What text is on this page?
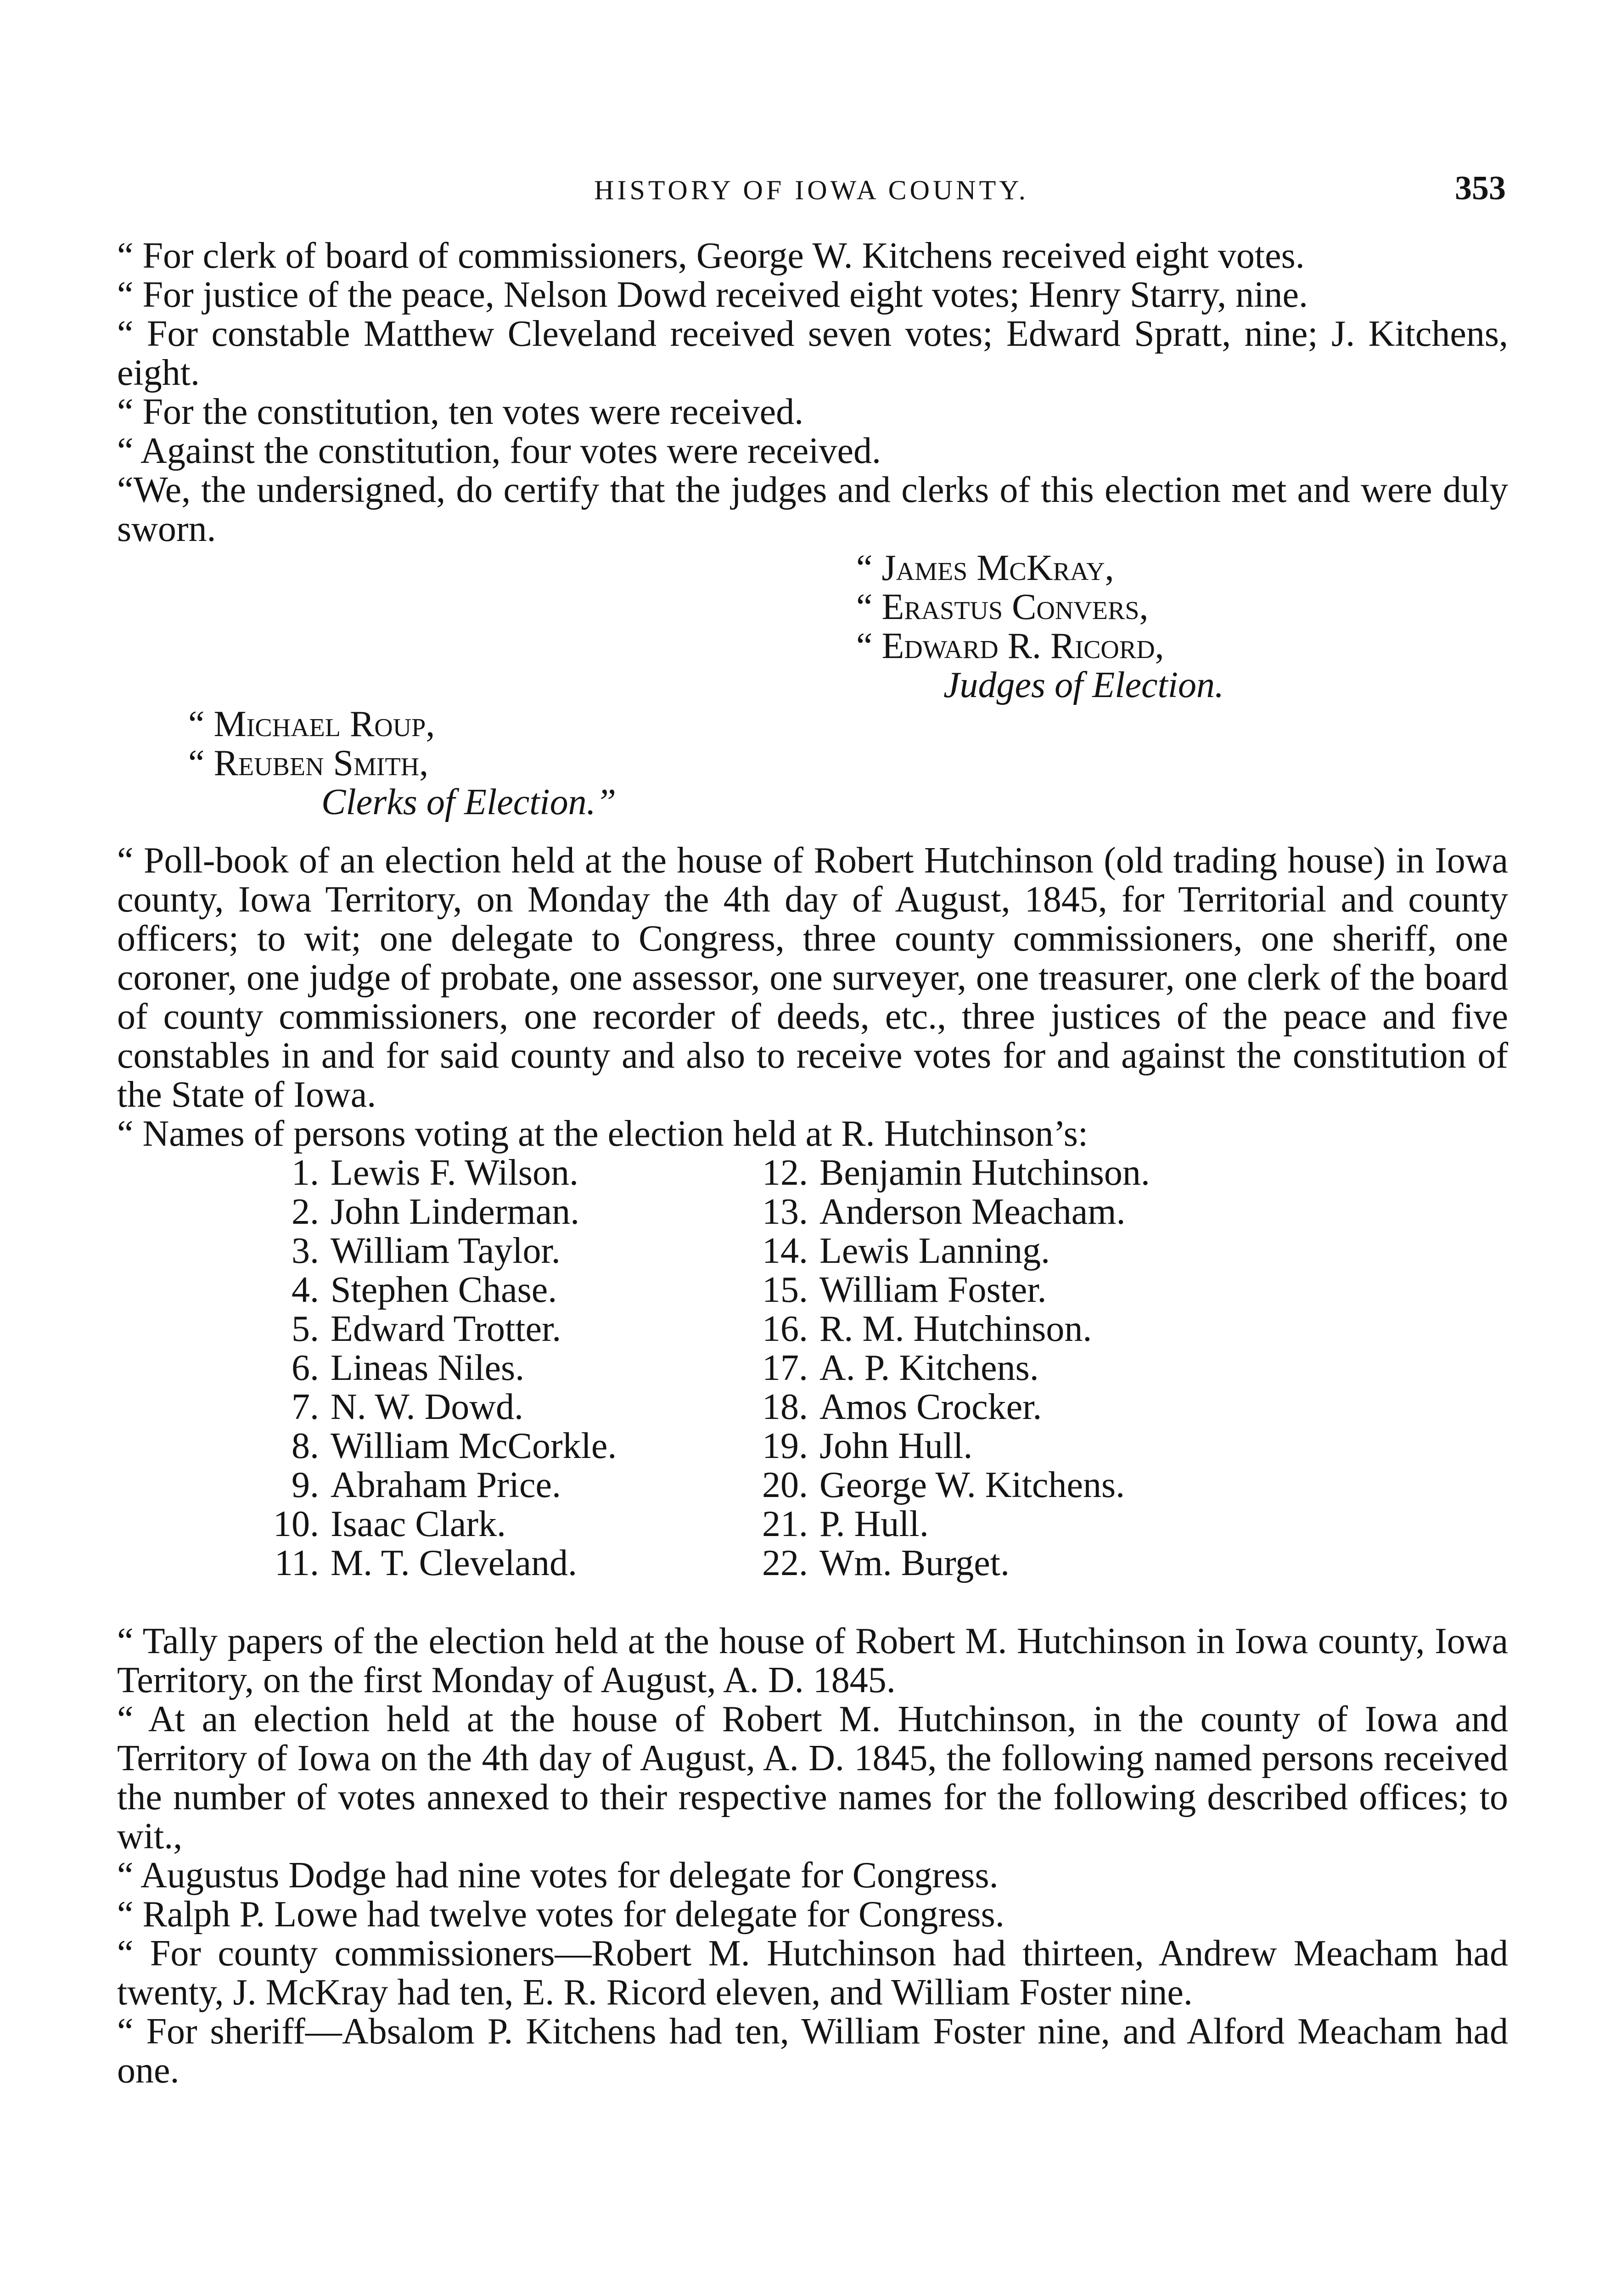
HISTORY OF IOWA COUNTY.	353

“ For clerk of board of commissioners, George W. Kitchens received eight votes.

“ For justice of the peace, Nelson Dowd received eight votes; Henry Starry, nine.

“ For constable Matthew Cleveland received seven votes; Edward Spratt, nine; J. Kitchens, eight.

“ For the constitution, ten votes were received.

“ Against the constitution, four votes were received.

“We, the undersigned, do certify that the judges and clerks of this election met and were duly sworn.

“ James McKray,

“ Erastus Convers,

“ Edward R. Ricord,

Judges of Election.

“ Michael Roup,

“ Reuben Smith,

Clerks of Election.”

“ Poll-book of an election held at the house of Robert Hutchinson (old trading house) in Iowa county, Iowa Territory, on Monday the 4th day of August, 1845, for Territorial and county officers; to wit; one delegate to Congress, three county commissioners, one sheriff, one coroner, one judge of probate, one assessor, one surveyer, one treasurer, one clerk of the board of county commissioners, one recorder of deeds, etc., three justices of the peace and five constables in and for said county and also to receive votes for and against the constitution of the State of Iowa.

“ Names of persons voting at the election held at R. Hutchinson’s:

1. Lewis F. Wilson.
2. John Linderman.
3. William Taylor.
4. Stephen Chase.
5. Edward Trotter.
6. Lineas Niles.
7. N. W. Dowd.
8. William McCorkle.
9. Abraham Price.
10. Isaac Clark.
11. M. T. Cleveland.
12. Benjamin Hutchinson.
13. Anderson Meacham.
14. Lewis Lanning.
15. William Foster.
16. R. M. Hutchinson.
17. A. P. Kitchens.
18. Amos Crocker.
19. John Hull.
20. George W. Kitchens.
21. P. Hull.
22. Wm. Burget.

“ Tally papers of the election held at the house of Robert M. Hutchinson in Iowa county, Iowa Territory, on the first Monday of August, A. D. 1845.

“ At an election held at the house of Robert M. Hutchinson, in the county of Iowa and Territory of Iowa on the 4th day of August, A. D. 1845, the following named persons received the number of votes annexed to their respective names for the following described offices; to wit.,

“ Augustus Dodge had nine votes for delegate for Congress.

“ Ralph P. Lowe had twelve votes for delegate for Congress.

“ For county commissioners—Robert M. Hutchinson had thirteen, Andrew Meacham had twenty, J. McKray had ten, E. R. Ricord eleven, and William Foster nine.

“ For sheriff—Absalom P. Kitchens had ten, William Foster nine, and Alford Meacham had one.
